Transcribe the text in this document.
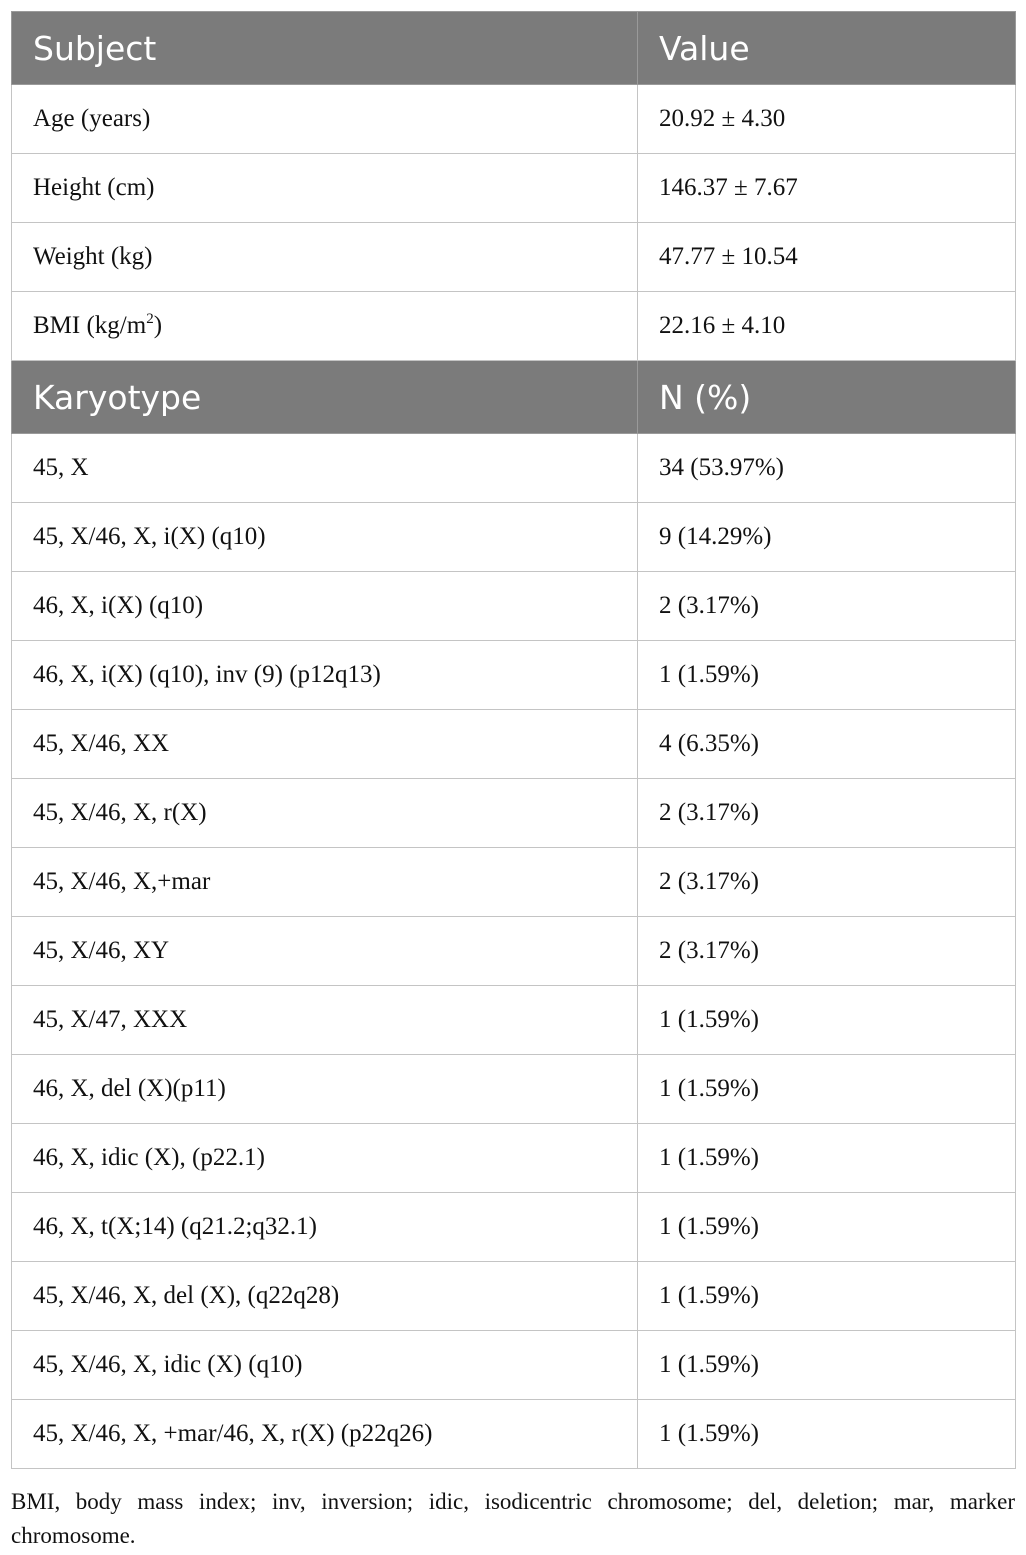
Subject	Value
Age (years)	20.92 ± 4.30
Height (cm)	146.37 ± 7.67
Weight (kg)	47.77 ± 10.54
BMI $(kg/m^2)$	22.16 ± 4.10
Karyotype	N (%)
45, X	34 (53.97%)
45, X/46, X, i(X) (q10)	9 (14.29%)
46, X, i(X) (q10)	2 (3.17%)
46, X, i(X) (q10), inv (9) (p12q13)	1 (1.59%)
45, X/46, XX	4 (6.35%)
45, X/46, X, r(X)	2 (3.17%)
45, X/46, X,+mar	2 (3.17%)
45, X/46, XY	2 (3.17%)
45, X/47, XXX	1 (1.59%)
46, X, del (X)(p11)	1 (1.59%)
46, X, idic (X), (p22.1)	1 (1.59%)
46, X, t(X;14) (q21.2;q32.1)	1 (1.59%)
45, X/46, X, del (X), (q22q28)	1 (1.59%)
45, X/46, X, idic (X) (q10)	1 (1.59%)
45, X/46, X, +mar/46, X, r(X) (p22q26)	1 (1.59%)
BMI, body mass index; inv, inversion; idic, isodicentric chromosome; del, deletion; mar, marker chromosome.
